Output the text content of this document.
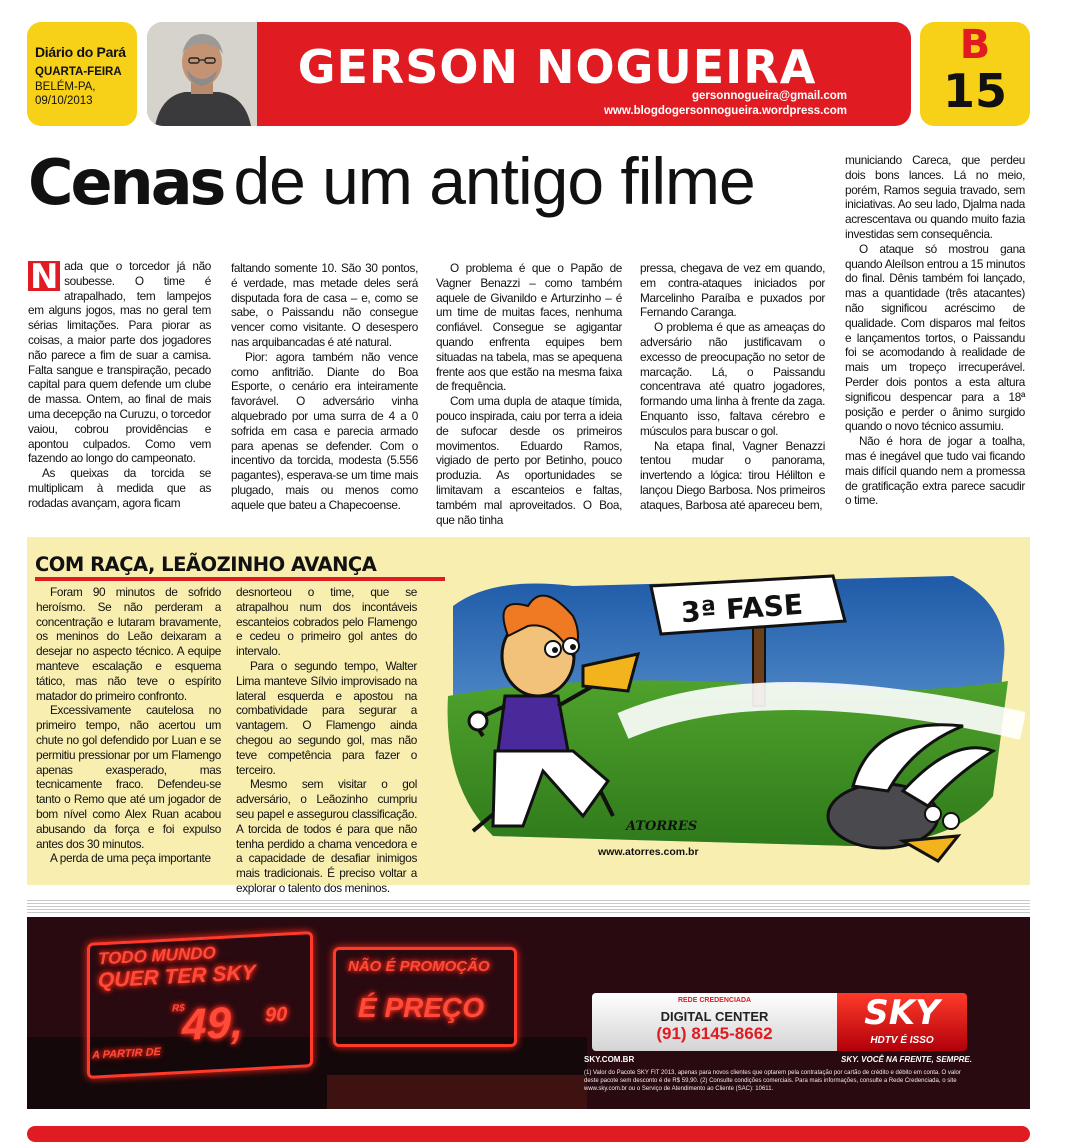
Diário do Pará
QUARTA-FEIRA
BELÉM-PA,
09/10/2013
GERSON NOGUEIRA
gersonnogueira@gmail.com
www.blogdogersonnogueira.wordpress.com
B
15
Cenas de um antigo filme

N ada que o torcedor já não soubesse. O time é atrapalhado, tem lampejos em alguns jogos, mas no geral tem sérias limitações. Para piorar as coisas, a maior parte dos jogadores não parece a fim de suar a camisa. Falta sangue e transpiração, pecado capital para quem defende um clube de massa. Ontem, ao final de mais uma decepção na Curuzu, o torcedor vaiou, cobrou providências e apontou culpados. Como vem fazendo ao longo do campeonato.

As queixas da torcida se multiplicam à medida que as rodadas avançam, agora ficam

faltando somente 10. São 30 pontos, é verdade, mas metade deles será disputada fora de casa – e, como se sabe, o Paissandu não consegue vencer como visitante. O desespero nas arquibancadas é até natural.

Pior: agora também não vence como anfitrião. Diante do Boa Esporte, o cenário era inteiramente favorável. O adversário vinha alquebrado por uma surra de 4 a 0 sofrida em casa e parecia armado para apenas se defender. Com o incentivo da torcida, modesta (5.556 pagantes), esperava-se um time mais plugado, mais ou menos como aquele que bateu a Chapecoense.

O problema é que o Papão de Vagner Benazzi – como também aquele de Givanildo e Arturzinho – é um time de muitas faces, nenhuma confiável. Consegue se agigantar quando enfrenta equipes bem situadas na tabela, mas se apequena frente aos que estão na mesma faixa de frequência.

Com uma dupla de ataque tímida, pouco inspirada, caiu por terra a ideia de sufocar desde os primeiros movimentos. Eduardo Ramos, vigiado de perto por Betinho, pouco produzia. As oportunidades se limitavam a escanteios e faltas, também mal aproveitados. O Boa, que não tinha

pressa, chegava de vez em quando, em contra-ataques iniciados por Marcelinho Paraíba e puxados por Fernando Caranga.

O problema é que as ameaças do adversário não justificavam o excesso de preocupação no setor de marcação. Lá, o Paissandu concentrava até quatro jogadores, formando uma linha à frente da zaga. Enquanto isso, faltava cérebro e músculos para buscar o gol.

Na etapa final, Vagner Benazzi tentou mudar o panorama, invertendo a lógica: tirou Hélilton e lançou Diego Barbosa. Nos primeiros ataques, Barbosa até apareceu bem,

municiando Careca, que perdeu dois bons lances. Lá no meio, porém, Ramos seguia travado, sem iniciativas. Ao seu lado, Djalma nada acrescentava ou quando muito fazia investidas sem consequência.

O ataque só mostrou gana quando Aleílson entrou a 15 minutos do final. Dênis também foi lançado, mas a quantidade (três atacantes) não significou acréscimo de qualidade. Com disparos mal feitos e lançamentos tortos, o Paissandu foi se acomodando à realidade de mais um tropeço irrecuperável. Perder dois pontos a esta altura significou despencar para a 18ª posição e perder o ânimo surgido quando o novo técnico assumiu.

Não é hora de jogar a toalha, mas é inegável que tudo vai ficando mais difícil quando nem a promessa de gratificação extra parece sacudir o time.

COM RAÇA, LEÃOZINHO AVANÇA

Foram 90 minutos de sofrido heroísmo. Se não perderam a concentração e lutaram bravamente, os meninos do Leão deixaram a desejar no aspecto técnico. A equipe manteve escalação e esquema tático, mas não teve o espírito matador do primeiro confronto.

Excessivamente cautelosa no primeiro tempo, não acertou um chute no gol defendido por Luan e se permitiu pressionar por um Flamengo apenas exasperado, mas tecnicamente fraco. Defendeu-se tanto o Remo que até um jogador de bom nível como Alex Ruan acabou abusando da força e foi expulso antes dos 30 minutos.

A perda de uma peça importante

desnorteou o time, que se atrapalhou num dos incontáveis escanteios cobrados pelo Flamengo e cedeu o primeiro gol antes do intervalo.

Para o segundo tempo, Walter Lima manteve Sílvio improvisado na lateral esquerda e apostou na combatividade para segurar a vantagem. O Flamengo ainda chegou ao segundo gol, mas não teve competência para fazer o terceiro.

Mesmo sem visitar o gol adversário, o Leãozinho cumpriu seu papel e assegurou classificação. A torcida de todos é para que não tenha perdido a chama vencedora e a capacidade de desafiar inimigos mais tradicionais. É preciso voltar a explorar o talento dos meninos.

3ª FASE
ATORRES
www.atorres.com.br
TODO MUNDO
QUER TER SKY
A PARTIR DE
R$
49, 90
NÃO É PROMOÇÃO
É PREÇO	REDE CREDENCIADA
DIGITAL CENTER
(91) 8145-8662
SKY
HDTV É ISSO
SKY.COM.BR	SKY. VOCÊ NA FRENTE, SEMPRE.
(1) Valor do Pacote SKY FIT 2013, apenas para novos clientes que optarem pela contratação por cartão de crédito e débito em conta. O valor deste pacote sem desconto é de R$ 59,90. (2) Consulte condições comerciais. Para mais informações, consulte a Rede Credenciada, o site www.sky.com.br ou o Serviço de Atendimento ao Cliente (SAC): 10611.
